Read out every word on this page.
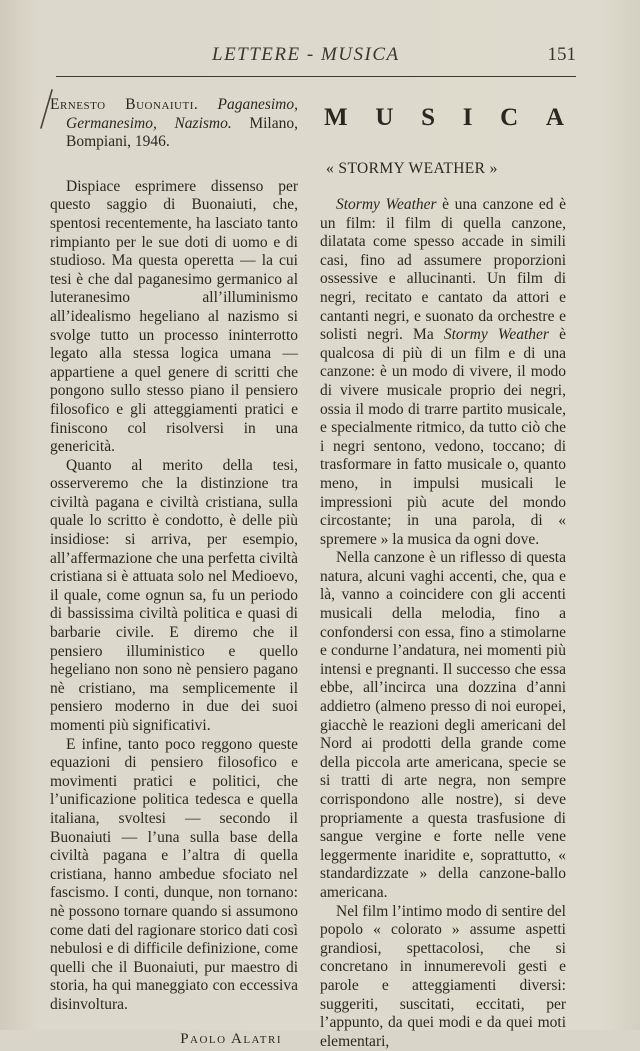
LETTERE - MUSICA	151

Ernesto Buonaiuti. Paganesimo, Germanesimo, Nazismo. Milano, Bompiani, 1946.

Dispiace esprimere dissenso per questo saggio di Buonaiuti, che, spentosi recentemente, ha lasciato tanto rimpianto per le sue doti di uomo e di studioso. Ma questa operetta — la cui tesi è che dal paganesimo germanico al luteranesimo all’illuminismo all’idealismo hegeliano al nazismo si svolge tutto un processo ininterrotto legato alla stessa logica umana — appartiene a quel genere di scritti che pongono sullo stesso piano il pensiero filosofico e gli atteggiamenti pratici e finiscono col risolversi in una genericità.

Quanto al merito della tesi, osserveremo che la distinzione tra civiltà pagana e civiltà cristiana, sulla quale lo scritto è condotto, è delle più insidiose: si arriva, per esempio, all’affermazione che una perfetta civiltà cristiana si è attuata solo nel Medioevo, il quale, come ognun sa, fu un periodo di bassissima civiltà politica e quasi di barbarie civile. E diremo che il pensiero illuministico e quello hegeliano non sono nè pensiero pagano nè cristiano, ma semplicemente il pensiero moderno in due dei suoi momenti più significativi.

E infine, tanto poco reggono queste equazioni di pensiero filosofico e movimenti pratici e politici, che l’unificazione politica tedesca e quella italiana, svoltesi — secondo il Buonaiuti — l’una sulla base della civiltà pagana e l’altra di quella cristiana, hanno ambedue sfociato nel fascismo. I conti, dunque, non tornano: nè possono tornare quando si assumono come dati del ragionare storico dati così nebulosi e di difficile definizione, come quelli che il Buonaiuti, pur maestro di storia, ha qui maneggiato con eccessiva disinvoltura.

Paolo Alatri
M U S I C A
« STORMY WEATHER »

Stormy Weather è una canzone ed è un film: il film di quella canzone, dilatata come spesso accade in simili casi, fino ad assumere proporzioni ossessive e allucinanti. Un film di negri, recitato e cantato da attori e cantanti negri, e suonato da orchestre e solisti negri. Ma Stormy Weather è qualcosa di più di un film e di una canzone: è un modo di vivere, il modo di vivere musicale proprio dei negri, ossia il modo di trarre partito musicale, e specialmente ritmico, da tutto ciò che i negri sentono, vedono, toccano; di trasformare in fatto musicale o, quanto meno, in impulsi musicali le impressioni più acute del mondo circostante; in una parola, di « spremere » la musica da ogni dove.

Nella canzone è un riflesso di questa natura, alcuni vaghi accenti, che, qua e là, vanno a coincidere con gli accenti musicali della melodia, fino a confondersi con essa, fino a stimolarne e condurne l’andatura, nei momenti più intensi e pregnanti. Il successo che essa ebbe, all’incirca una dozzina d’anni addietro (almeno presso di noi europei, giacchè le reazioni degli americani del Nord ai prodotti della grande come della piccola arte americana, specie se si tratti di arte negra, non sempre corrispondono alle nostre), si deve propriamente a questa trasfusione di sangue vergine e forte nelle vene leggermente inaridite e, soprattutto, « standardizzate » della canzone-ballo americana.

Nel film l’intimo modo di sentire del popolo « colorato » assume aspetti grandiosi, spettacolosi, che si concretano in innumerevoli gesti e parole e atteggiamenti diversi: suggeriti, suscitati, eccitati, per l’appunto, da quei modi e da quei moti elementari,
